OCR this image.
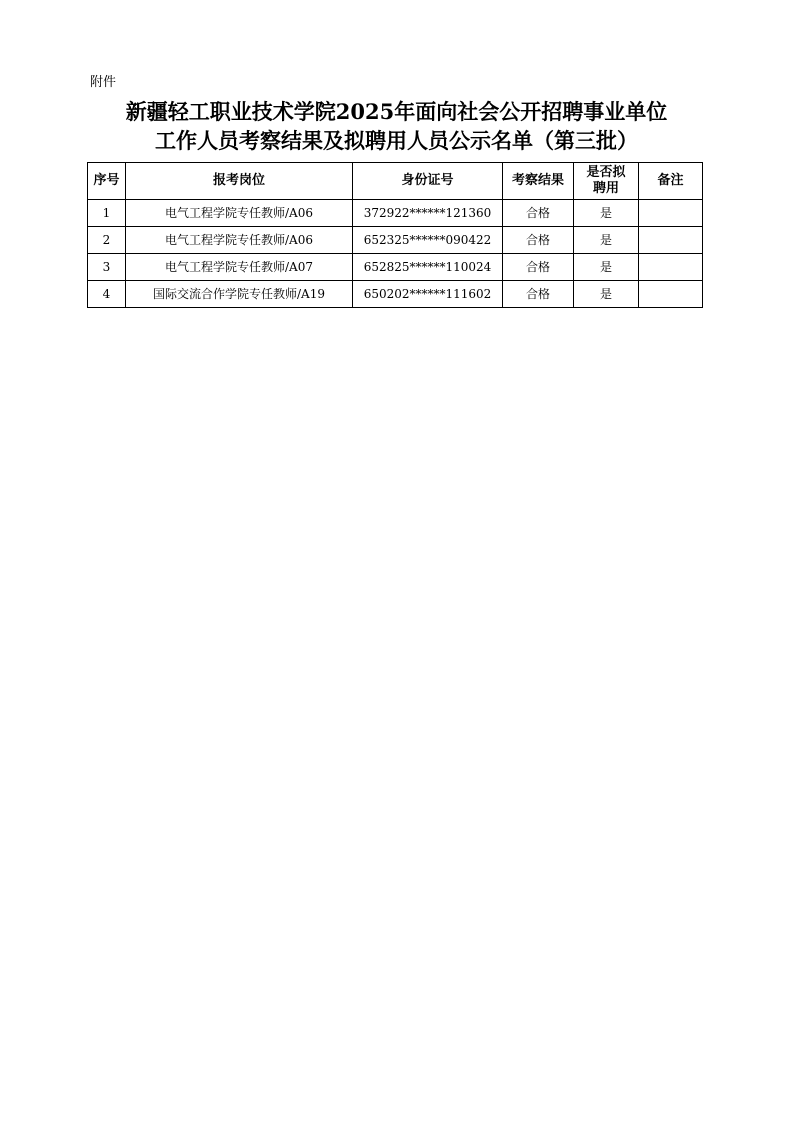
附件
新疆轻工职业技术学院2025年面向社会公开招聘事业单位
工作人员考察结果及拟聘用人员公示名单（第三批）
序号	报考岗位	身份证号	考察结果	是否拟聘用	备注
1	电气工程学院专任教师/A06	372922******121360	合格	是	
2	电气工程学院专任教师/A06	652325******090422	合格	是	
3	电气工程学院专任教师/A07	652825******110024	合格	是	
4	国际交流合作学院专任教师/A19	650202******111602	合格	是	
